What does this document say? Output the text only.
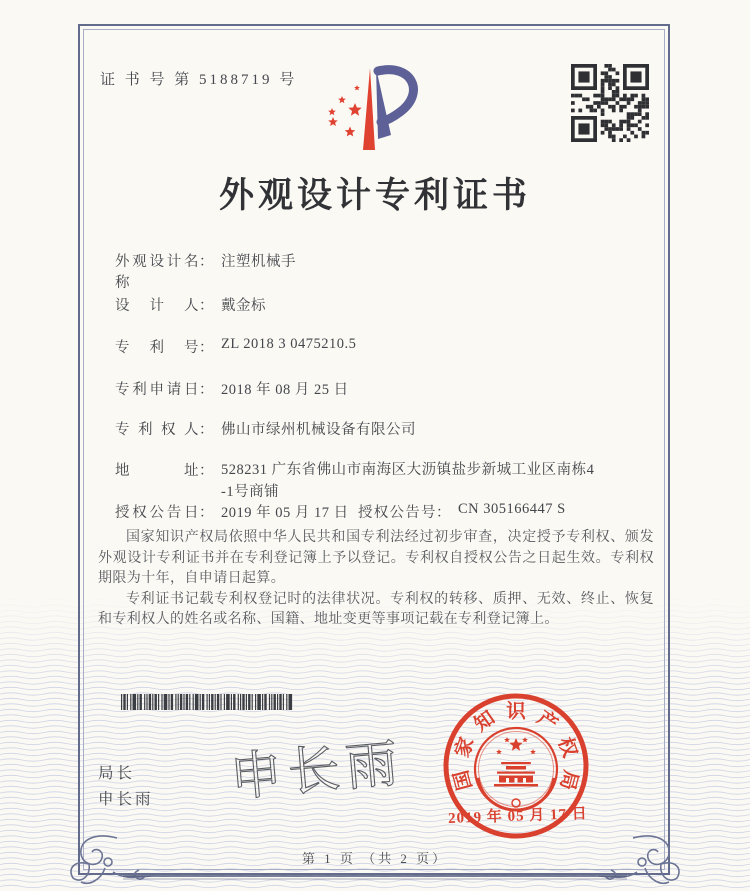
证 书 号 第 5188719 号
外观设计专利证书
外观设计名称： 注塑机械手
设计人： 戴金标
专利号： ZL 2018 3 0475210.5
专利申请日： 2018 年 08 月 25 日
专利权人： 佛山市绿州机械设备有限公司
地址： 528231 广东省佛山市南海区大沥镇盐步新城工业区南栋4
-1号商铺
授权公告日： 2019 年 05 月 17 日 授权公告号： CN 305166447 S

国家知识产权局依照中华人民共和国专利法经过初步审查，决定授予专利权、颁发外观设计专利证书并在专利登记簿上予以登记。专利权自授权公告之日起生效。专利权期限为十年，自申请日起算。

专利证书记载专利权登记时的法律状况。专利权的转移、质押、无效、终止、恢复和专利权人的姓名或名称、国籍、地址变更等事项记载在专利登记簿上。

局长
申长雨 申长雨 国
家
知 识 产
权
局
2019 年 05 月 17 日
第 1 页 （共 2 页）
